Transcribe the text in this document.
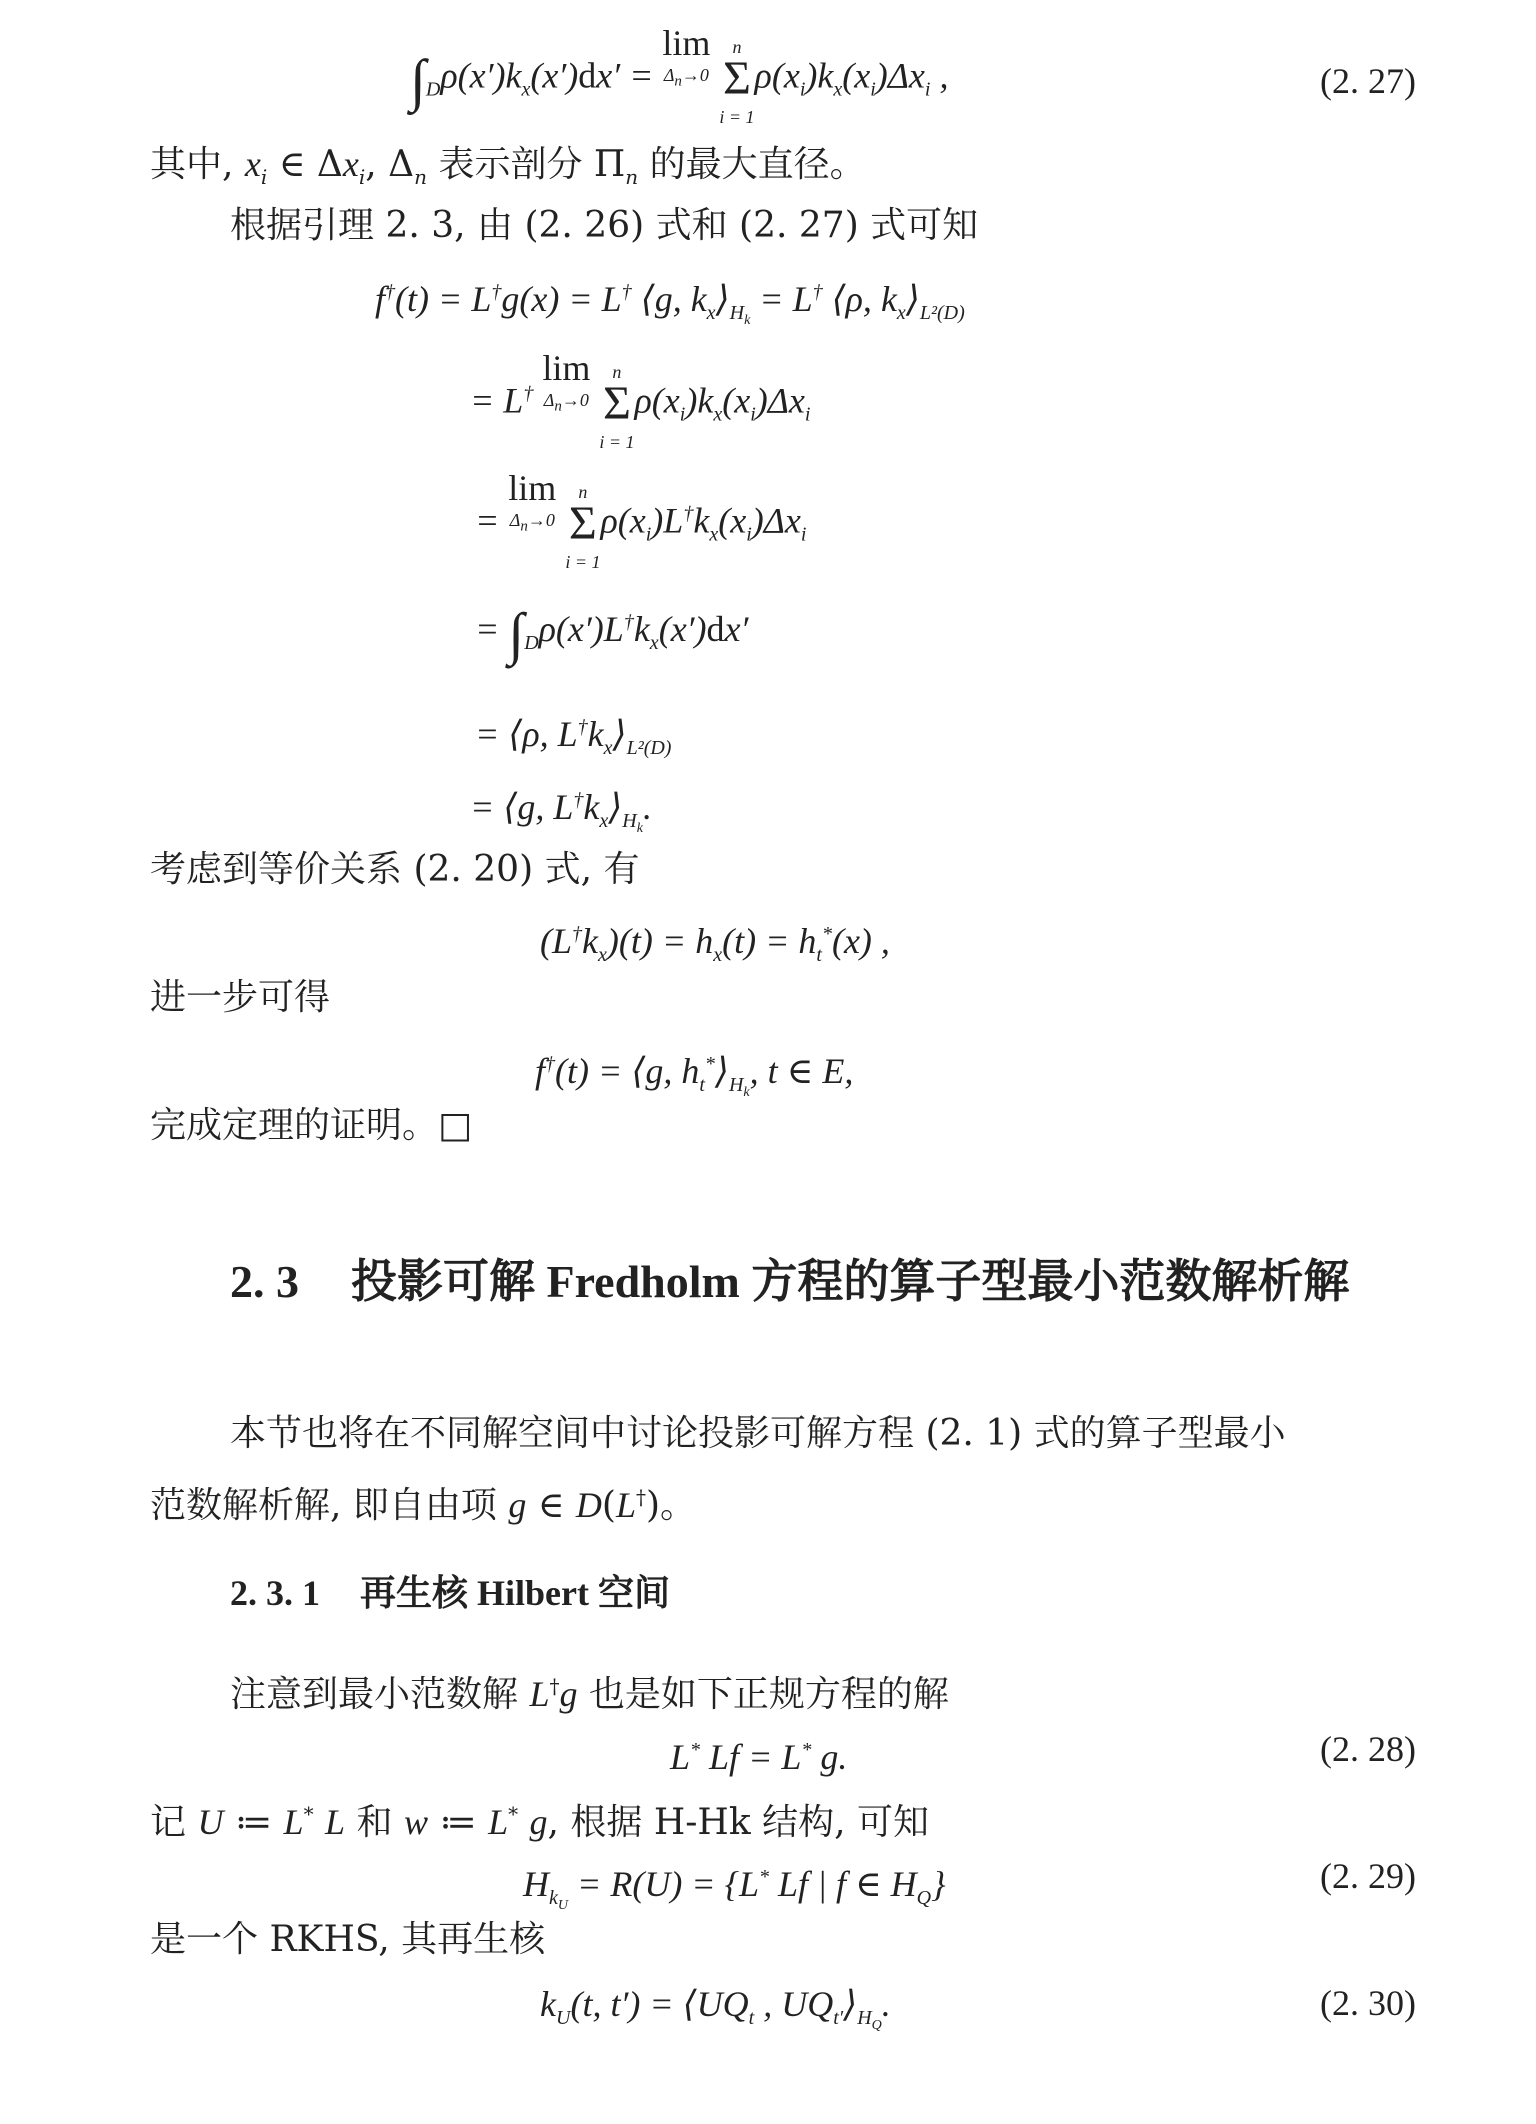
$\int_D\rho(x')k_x(x')dx' = \lim$
$\Delta_n\to 0$ n
Σ
$i = 1\rho(x_i)k_x(x_i)\Delta x_i$ ,	(2. 27)
其中, $x_i$ ∈ $\Delta x_i$, $\Delta_n$ 表示剖分 $\Pi_n$ 的最大直径。
根据引理 2. 3, 由 (2. 26) 式和 (2. 27) 式可知
f†(t) = L†g(x) = L† ⟨g, $k_x⟩_{H_k} = L^\dagger$ ⟨ρ, $k_x⟩_{L^2(D)}$
= L† lim
$\Delta_n\to 0$ n
Σ
$i = 1\rho(x_i)k_x(x_i)\Delta x_i$
= lim
$\Delta_n\to 0$ n
Σ
$i = 1\rho(x_i)L^\dagger k_x(x_i)\Delta x_i$
= $\int_D\rho(x')L^\dagger k_x(x')dx'$
= ⟨ρ, $L^\dagger k_x⟩_{L^2(D)}$
= ⟨g, $L^\dagger k_x⟩_{H_k}$.
考虑到等价关系 (2. 20) 式, 有
$(L^\dagger k_x)(t) = h_x(t) = h_t^*(x)$ ,
进一步可得
f†(t) = ⟨g, $h_t^*⟩_{H_k}$, t ∈ E,
完成定理的证明。□
2. 3 投影可解 Fredholm 方程的算子型最小范数解析解
本节也将在不同解空间中讨论投影可解方程 (2. 1) 式的算子型最小
范数解析解, 即自由项 g ∈ D(L†)。
2. 3. 1 再生核 Hilbert 空间
注意到最小范数解 L†g 也是如下正规方程的解
L* Lf = L* g.	(2. 28)
记 U ≔ L* L 和 w ≔ L* g, 根据 H-Hk 结构, 可知
$H_{k_U} = R(U) = \{L^*$ Lf | f ∈ $H_Q$}	(2. 29)
是一个 RKHS, 其再生核
$k_U(t$, $t') = ⟨UQ_t$ , $UQ_{t'}⟩_{H_Q}$.	(2. 30)
